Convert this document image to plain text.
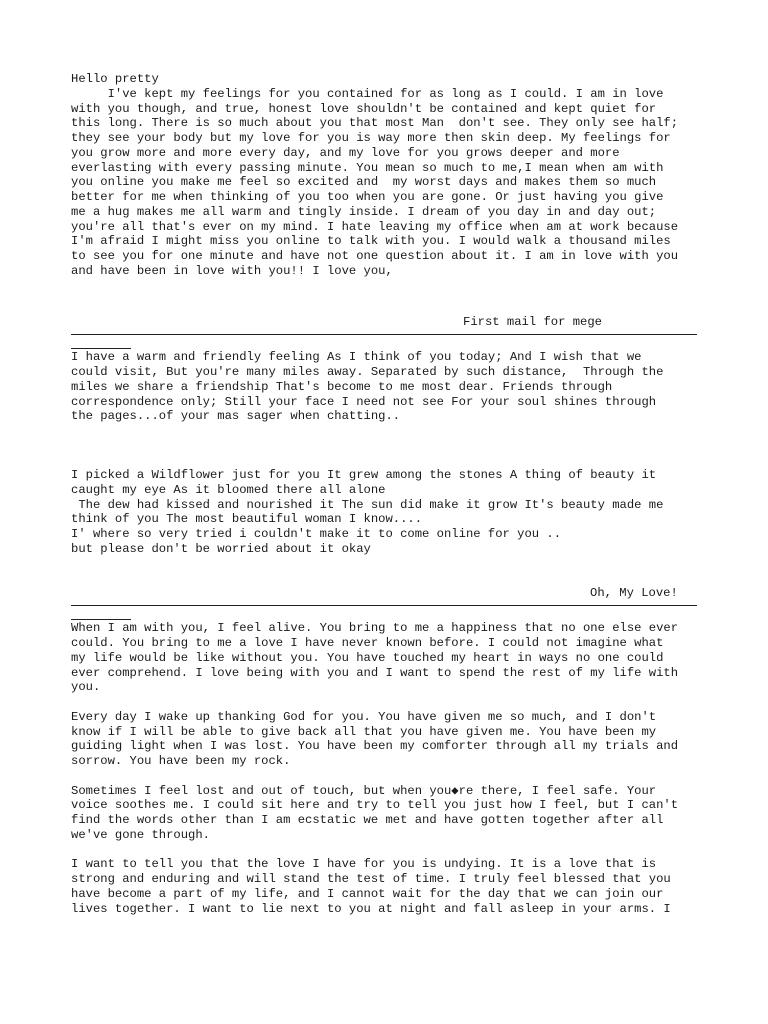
Hello pretty
I've kept my feelings for you contained for as long as I could. I am in love
with you though, and true, honest love shouldn't be contained and kept quiet for
this long. There is so much about you that most Man  don't see. They only see half;
they see your body but my love for you is way more then skin deep. My feelings for
you grow more and more every day, and my love for you grows deeper and more
everlasting with every passing minute. You mean so much to me,I mean when am with
you online you make me feel so excited and  my worst days and makes them so much
better for me when thinking of you too when you are gone. Or just having you give
me a hug makes me all warm and tingly inside. I dream of you day in and day out;
you're all that's ever on my mind. I hate leaving my office when am at work because
I'm afraid I might miss you online to talk with you. I would walk a thousand miles
to see you for one minute and have not one question about it. I am in love with you
and have been in love with you!! I love you,
First mail for mege
I have a warm and friendly feeling As I think of you today; And I wish that we
could visit, But you're many miles away. Separated by such distance,  Through the
miles we share a friendship That's become to me most dear. Friends through
correspondence only; Still your face I need not see For your soul shines through
the pages...of your mas sager when chatting..
I picked a Wildflower just for you It grew among the stones A thing of beauty it
caught my eye As it bloomed there all alone
The dew had kissed and nourished it The sun did make it grow It's beauty made me
think of you The most beautiful woman I know....
I' where so very tried i couldn't make it to come online for you ..
but please don't be worried about it okay
Oh, My Love!
When I am with you, I feel alive. You bring to me a happiness that no one else ever
could. You bring to me a love I have never known before. I could not imagine what
my life would be like without you. You have touched my heart in ways no one could
ever comprehend. I love being with you and I want to spend the rest of my life with
you.
Every day I wake up thanking God for you. You have given me so much, and I don't
know if I will be able to give back all that you have given me. You have been my
guiding light when I was lost. You have been my comforter through all my trials and
sorrow. You have been my rock.
Sometimes I feel lost and out of touch, but when you◆re there, I feel safe. Your
voice soothes me. I could sit here and try to tell you just how I feel, but I can't
find the words other than I am ecstatic we met and have gotten together after all
we've gone through.
I want to tell you that the love I have for you is undying. It is a love that is
strong and enduring and will stand the test of time. I truly feel blessed that you
have become a part of my life, and I cannot wait for the day that we can join our
lives together. I want to lie next to you at night and fall asleep in your arms. I
